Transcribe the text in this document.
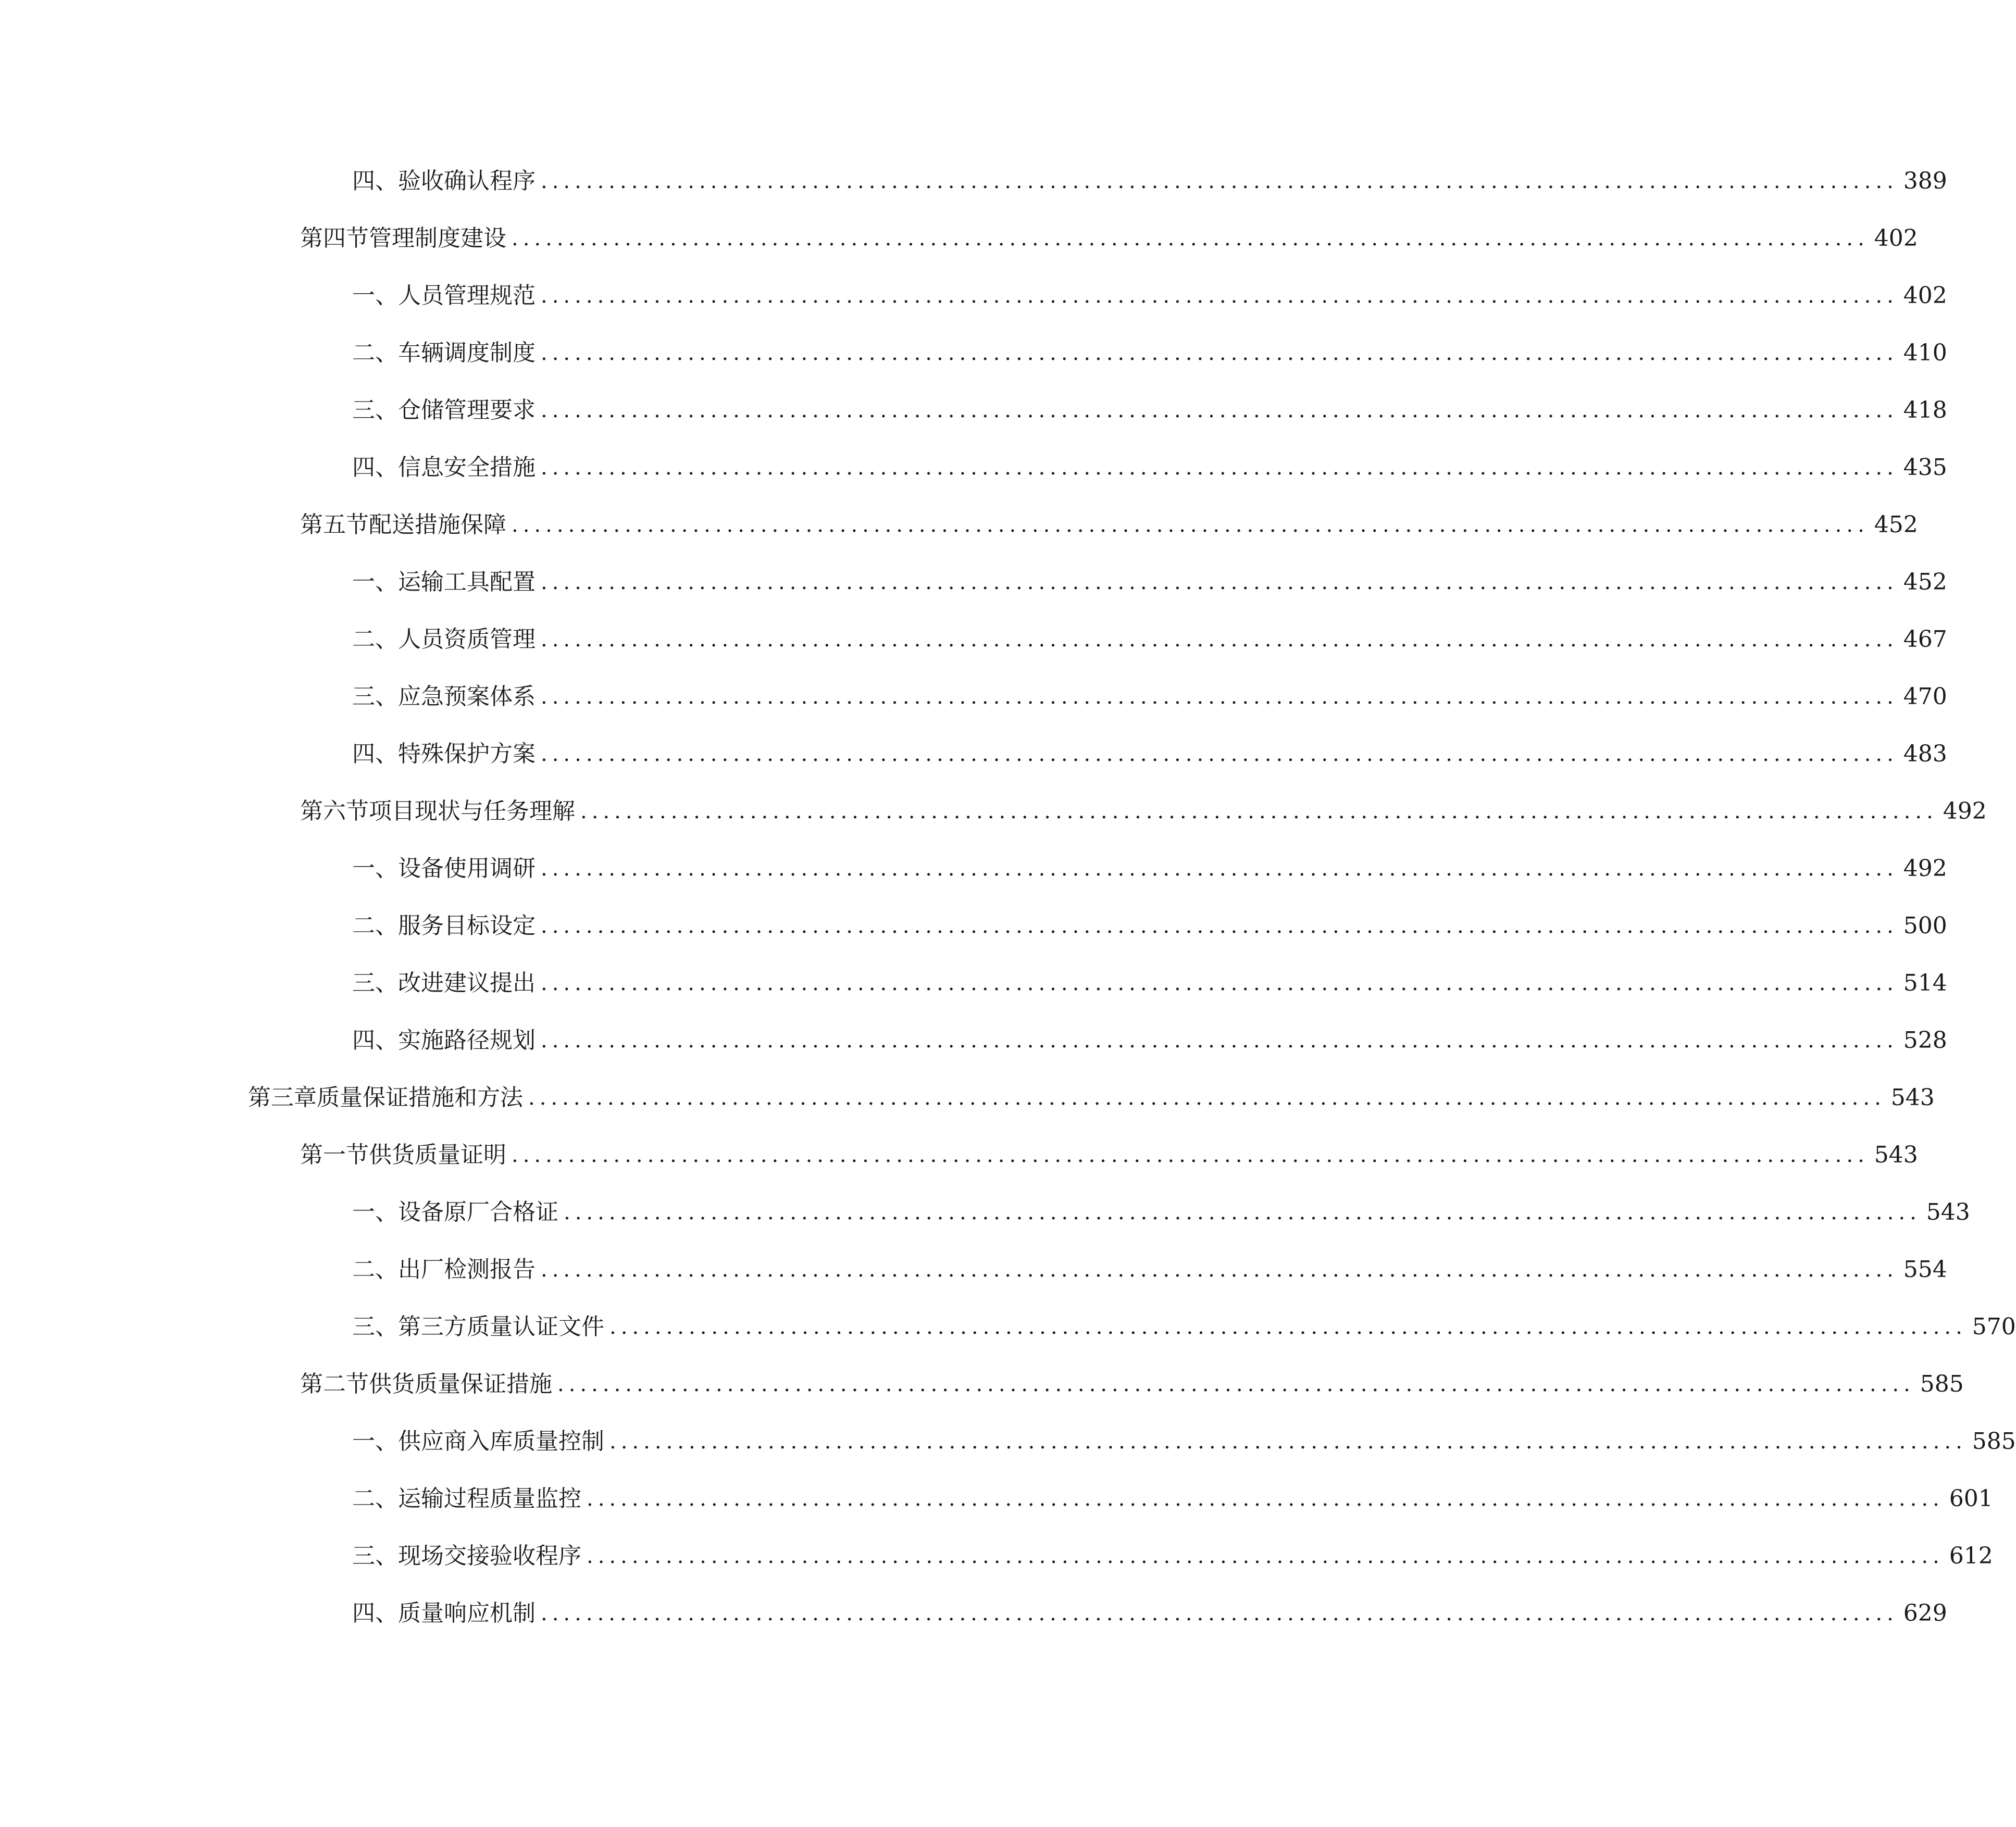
四、 验收确认程序 ........................................................................................................................ 389
第四节 管理制度建设 ........................................................................................................................ 402
一、 人员管理规范 ........................................................................................................................ 402
二、 车辆调度制度 ........................................................................................................................ 410
三、 仓储管理要求 ........................................................................................................................ 418
四、 信息安全措施 ........................................................................................................................ 435
第五节 配送措施保障 ........................................................................................................................ 452
一、 运输工具配置 ........................................................................................................................ 452
二、 人员资质管理 ........................................................................................................................ 467
三、 应急预案体系 ........................................................................................................................ 470
四、 特殊保护方案 ........................................................................................................................ 483
第六节 项目现状与任务理解 ........................................................................................................................ 492
一、 设备使用调研 ........................................................................................................................ 492
二、 服务目标设定 ........................................................................................................................ 500
三、 改进建议提出 ........................................................................................................................ 514
四、 实施路径规划 ........................................................................................................................ 528
第三章 质量保证措施和方法 ........................................................................................................................ 543
第一节 供货质量证明 ........................................................................................................................ 543
一、 设备原厂合格证 ........................................................................................................................ 543
二、 出厂检测报告 ........................................................................................................................ 554
三、 第三方质量认证文件 ........................................................................................................................ 570
第二节 供货质量保证措施 ........................................................................................................................ 585
一、 供应商入库质量控制 ........................................................................................................................ 585
二、 运输过程质量监控 ........................................................................................................................ 601
三、 现场交接验收程序 ........................................................................................................................ 612
四、 质量响应机制 ........................................................................................................................ 629
